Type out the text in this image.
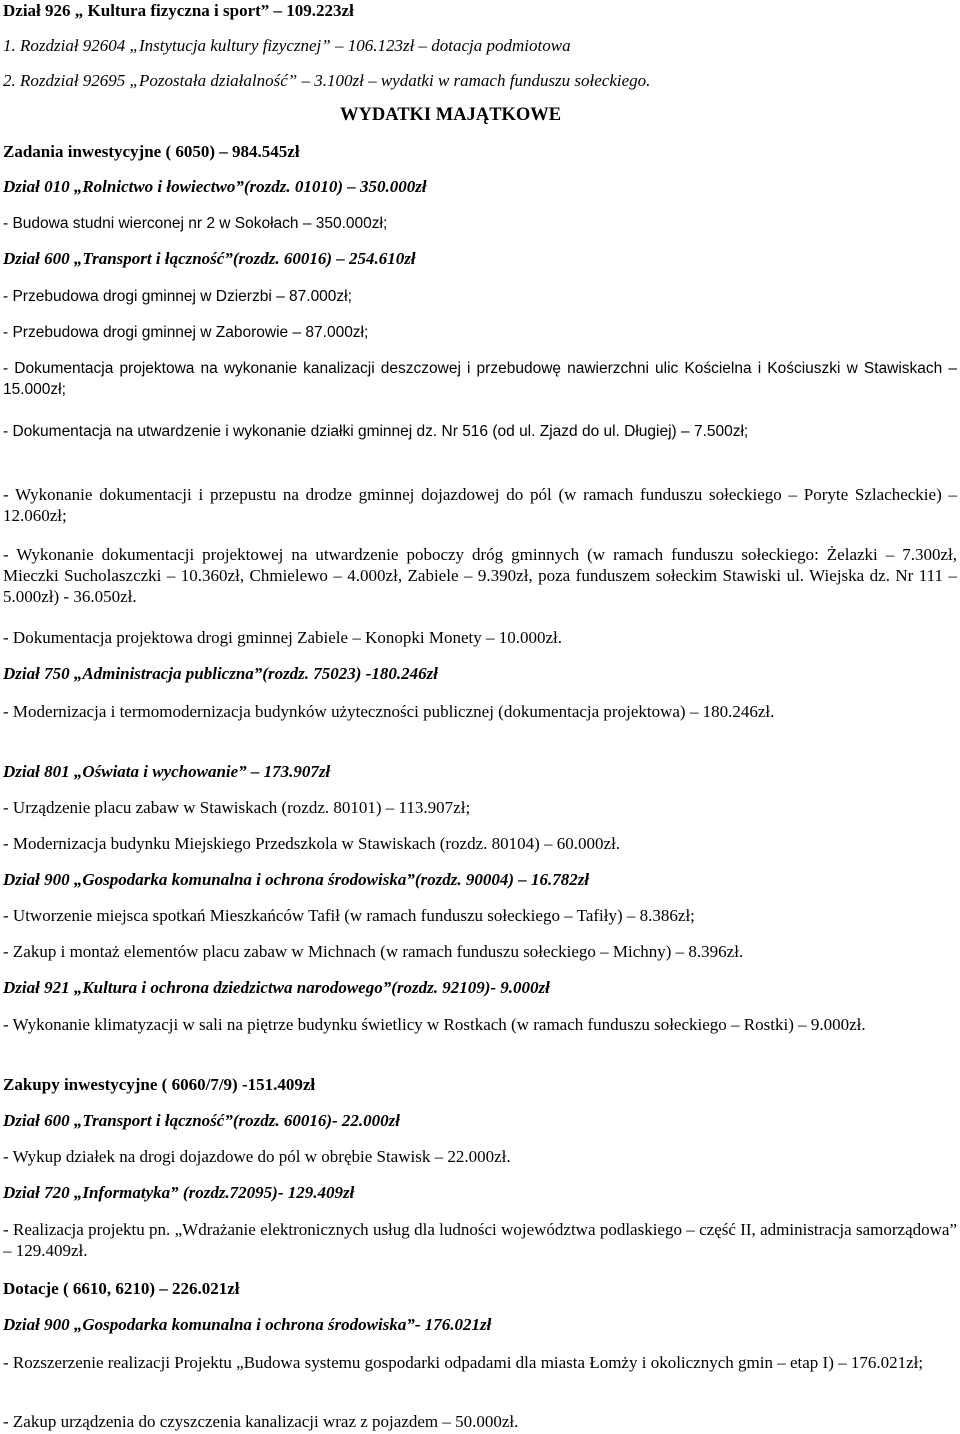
Dział 926 „ Kultura fizyczna i sport” – 109.223zł
1. Rozdział 92604 „Instytucja kultury fizycznej” – 106.123zł – dotacja podmiotowa
2. Rozdział 92695 „Pozostała działalność” – 3.100zł – wydatki w ramach funduszu sołeckiego.
WYDATKI MAJĄTKOWE
Zadania inwestycyjne ( 6050) – 984.545zł
Dział 010 „Rolnictwo i łowiectwo”(rozdz. 01010) – 350.000zł
- Budowa studni wierconej nr 2 w Sokołach – 350.000zł;
Dział 600 „Transport i łączność”(rozdz. 60016) – 254.610zł
- Przebudowa drogi gminnej w Dzierzbi – 87.000zł;
- Przebudowa drogi gminnej w Zaborowie – 87.000zł;
- Dokumentacja projektowa na wykonanie kanalizacji deszczowej i przebudowę nawierzchni ulic Kościelna i Kościuszki w Stawiskach – 15.000zł;
- Dokumentacja na utwardzenie i wykonanie działki gminnej dz. Nr 516 (od ul. Zjazd do ul. Długiej) – 7.500zł;
- Wykonanie dokumentacji i przepustu na drodze gminnej dojazdowej do pól (w ramach funduszu sołeckiego – Poryte Szlacheckie) – 12.060zł;
- Wykonanie dokumentacji projektowej na utwardzenie poboczy dróg gminnych (w ramach funduszu sołeckiego: Żelazki – 7.300zł, Mieczki Sucholaszczki – 10.360zł, Chmielewo – 4.000zł, Zabiele – 9.390zł, poza funduszem sołeckim Stawiski ul. Wiejska dz. Nr 111 – 5.000zł) - 36.050zł.
- Dokumentacja projektowa drogi gminnej Zabiele – Konopki Monety – 10.000zł.
Dział 750 „Administracja publiczna”(rozdz. 75023) -180.246zł
- Modernizacja i termomodernizacja budynków użyteczności publicznej (dokumentacja projektowa) – 180.246zł.
Dział 801 „Oświata i wychowanie” – 173.907zł
- Urządzenie placu zabaw w Stawiskach (rozdz. 80101) – 113.907zł;
- Modernizacja budynku Miejskiego Przedszkola w Stawiskach (rozdz. 80104) – 60.000zł.
Dział 900 „Gospodarka komunalna i ochrona środowiska”(rozdz. 90004) – 16.782zł
- Utworzenie miejsca spotkań Mieszkańców Tafił (w ramach funduszu sołeckiego – Tafiły) – 8.386zł;
- Zakup i montaż elementów placu zabaw w Michnach (w ramach funduszu sołeckiego – Michny) – 8.396zł.
Dział 921 „Kultura i ochrona dziedzictwa narodowego”(rozdz. 92109)- 9.000zł
- Wykonanie klimatyzacji w sali na piętrze budynku świetlicy w Rostkach (w ramach funduszu sołeckiego – Rostki) – 9.000zł.
Zakupy inwestycyjne ( 6060/7/9) -151.409zł
Dział 600 „Transport i łączność”(rozdz. 60016)- 22.000zł
- Wykup działek na drogi dojazdowe do pól w obrębie Stawisk – 22.000zł.
Dział 720 „Informatyka” (rozdz.72095)- 129.409zł
- Realizacja projektu pn. „Wdrażanie elektronicznych usług dla ludności województwa podlaskiego – część II, administracja samorządowa” – 129.409zł.
Dotacje ( 6610, 6210) – 226.021zł
Dział 900 „Gospodarka komunalna i ochrona środowiska”- 176.021zł
- Rozszerzenie realizacji Projektu „Budowa systemu gospodarki odpadami dla miasta Łomży i okolicznych gmin – etap I) – 176.021zł;
- Zakup urządzenia do czyszczenia kanalizacji wraz z pojazdem – 50.000zł.
